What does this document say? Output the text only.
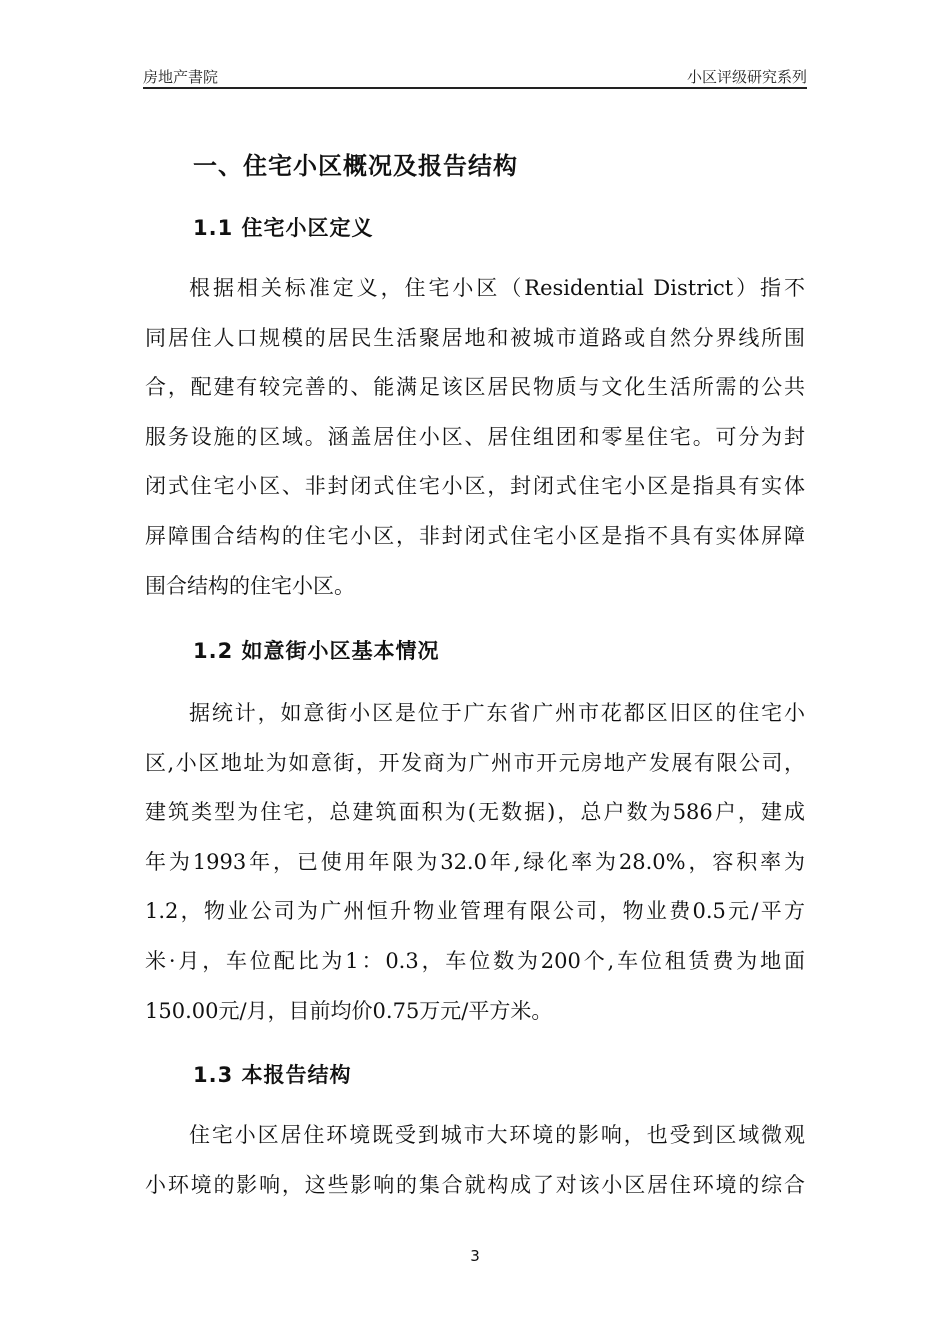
房地产書院	小区评级研究系列
一、住宅小区概况及报告结构
1.1 住宅小区定义
根据相关标准定义，住宅小区（Residential District）指不
同居住人口规模的居民生活聚居地和被城市道路或自然分界线所围
合，配建有较完善的、能满足该区居民物质与文化生活所需的公共
服务设施的区域。涵盖居住小区、居住组团和零星住宅。可分为封
闭式住宅小区、非封闭式住宅小区，封闭式住宅小区是指具有实体
屏障围合结构的住宅小区，非封闭式住宅小区是指不具有实体屏障
围合结构的住宅小区。
1.2 如意街小区基本情况
据统计，如意街小区是位于广东省广州市花都区旧区的住宅小
区,小区地址为如意街，开发商为广州市开元房地产发展有限公司，
建筑类型为住宅，总建筑面积为(无数据)，总户数为586户，建成
年为1993年，已使用年限为32.0年,绿化率为28.0%，容积率为
1.2，物业公司为广州恒升物业管理有限公司，物业费0.5元/平方
米·月，车位配比为1：0.3，车位数为200个,车位租赁费为地面
150.00元/月，目前均价0.75万元/平方米。
1.3 本报告结构
住宅小区居住环境既受到城市大环境的影响，也受到区域微观
小环境的影响，这些影响的集合就构成了对该小区居住环境的综合
3
